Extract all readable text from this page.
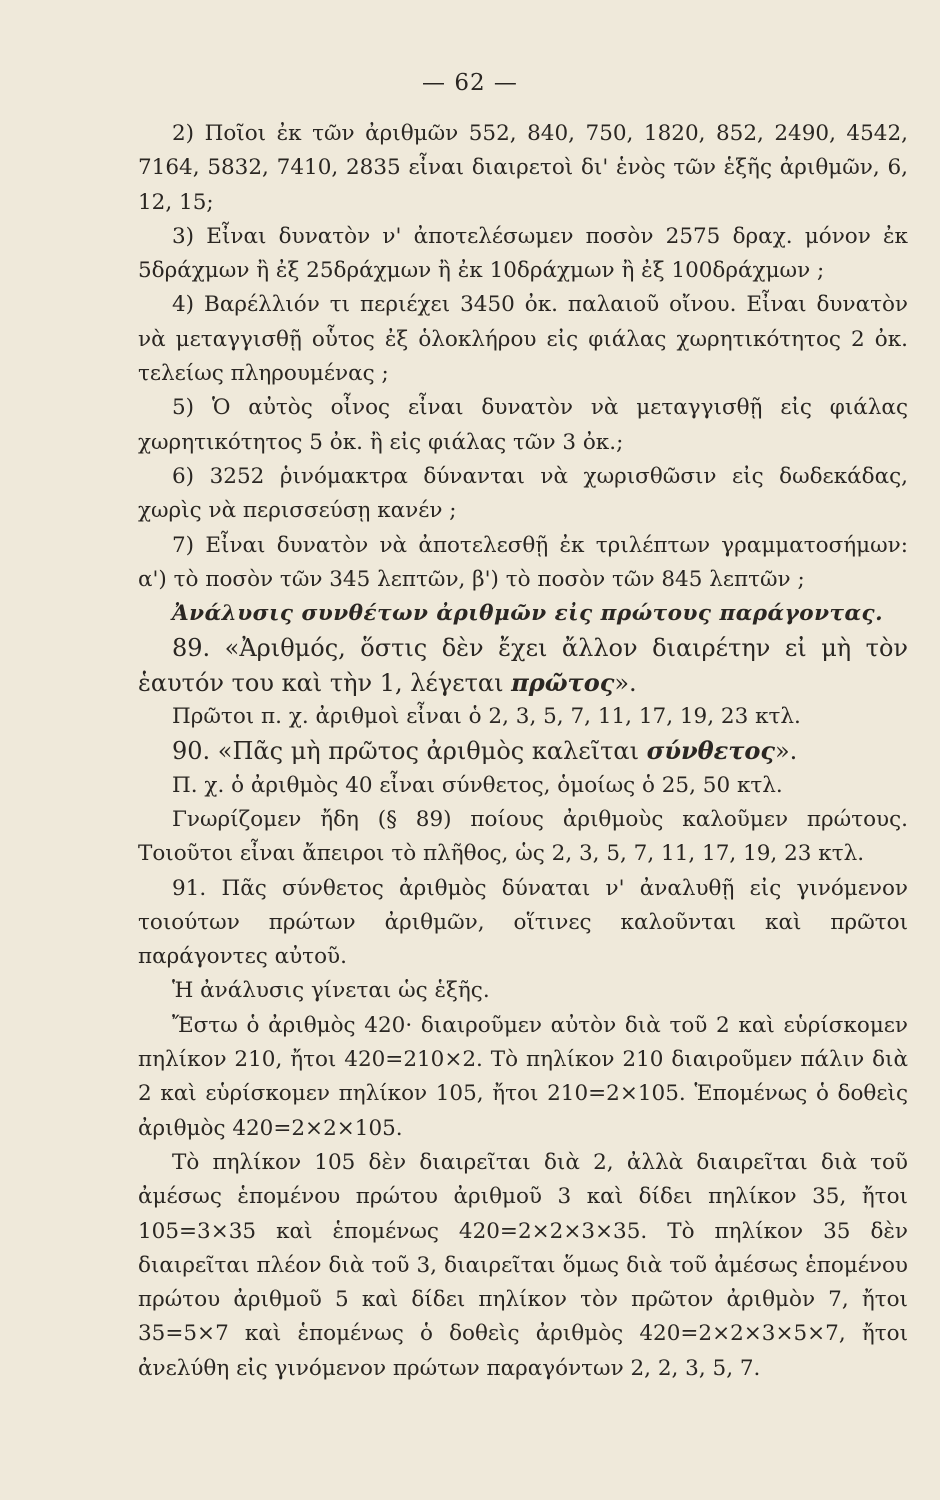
— 62 —

2) Ποῖοι ἐκ τῶν ἀριθμῶν 552, 840, 750, 1820, 852, 2490, 4542, 7164, 5832, 7410, 2835 εἶναι διαιρετοὶ δι' ἑνὸς τῶν ἑξῆς ἀριθμῶν, 6, 12, 15;

3) Εἶναι δυνατὸν ν' ἀποτελέσωμεν ποσὸν 2575 δραχ. μόνον ἐκ 5δράχμων ἢ ἐξ 25δράχμων ἢ ἐκ 10δράχμων ἢ ἐξ 100δράχμων ;

4) Βαρέλλιόν τι περιέχει 3450 ὀκ. παλαιοῦ οἴνου. Εἶναι δυνατὸν νὰ μεταγγισθῇ οὗτος ἐξ ὁλοκλήρου εἰς φιάλας χωρητικότητος 2 ὀκ. τελείως πληρουμένας ;

5) Ὁ αὐτὸς οἶνος εἶναι δυνατὸν νὰ μεταγγισθῇ εἰς φιάλας χωρητικότητος 5 ὀκ. ἢ εἰς φιάλας τῶν 3 ὀκ.;

6) 3252 ῥινόμακτρα δύνανται νὰ χωρισθῶσιν εἰς δωδεκάδας, χωρὶς νὰ περισσεύσῃ κανέν ;

7) Εἶναι δυνατὸν νὰ ἀποτελεσθῇ ἐκ τριλέπτων γραμματοσήμων: α') τὸ ποσὸν τῶν 345 λεπτῶν, β') τὸ ποσὸν τῶν 845 λεπτῶν ;

Ἀνάλυσις συνθέτων ἀριθμῶν εἰς πρώτους παράγοντας.

89. «Ἀριθμός, ὅστις δὲν ἔχει ἄλλον διαιρέτην εἰ μὴ τὸν ἑαυτόν του καὶ τὴν 1, λέγεται πρῶτος».

Πρῶτοι π. χ. ἀριθμοὶ εἶναι ὁ 2, 3, 5, 7, 11, 17, 19, 23 κτλ.

90. «Πᾶς μὴ πρῶτος ἀριθμὸς καλεῖται σύνθετος».

Π. χ. ὁ ἀριθμὸς 40 εἶναι σύνθετος, ὁμοίως ὁ 25, 50 κτλ.

Γνωρίζομεν ἤδη (§ 89) ποίους ἀριθμοὺς καλοῦμεν πρώτους. Τοιοῦτοι εἶναι ἄπειροι τὸ πλῆθος, ὡς 2, 3, 5, 7, 11, 17, 19, 23 κτλ.

91. Πᾶς σύνθετος ἀριθμὸς δύναται ν' ἀναλυθῇ εἰς γινόμενον τοιούτων πρώτων ἀριθμῶν, οἵτινες καλοῦνται καὶ πρῶτοι παράγοντες αὐτοῦ.

Ἡ ἀνάλυσις γίνεται ὡς ἑξῆς.

Ἔστω ὁ ἀριθμὸς 420· διαιροῦμεν αὐτὸν διὰ τοῦ 2 καὶ εὑρίσκομεν πηλίκον 210, ἤτοι 420=210×2. Τὸ πηλίκον 210 διαιροῦμεν πάλιν διὰ 2 καὶ εὑρίσκομεν πηλίκον 105, ἤτοι 210=2×105. Ἑπομένως ὁ δοθεὶς ἀριθμὸς 420=2×2×105.

Τὸ πηλίκον 105 δὲν διαιρεῖται διὰ 2, ἀλλὰ διαιρεῖται διὰ τοῦ ἀμέσως ἑπομένου πρώτου ἀριθμοῦ 3 καὶ δίδει πηλίκον 35, ἤτοι 105=3×35 καὶ ἑπομένως 420=2×2×3×35. Τὸ πηλίκον 35 δὲν διαιρεῖται πλέον διὰ τοῦ 3, διαιρεῖται ὅμως διὰ τοῦ ἀμέσως ἑπομένου πρώτου ἀριθμοῦ 5 καὶ δίδει πηλίκον τὸν πρῶτον ἀριθμὸν 7, ἤτοι 35=5×7 καὶ ἑπομένως ὁ δοθεὶς ἀριθμὸς 420=2×2×3×5×7, ἤτοι ἀνελύθη εἰς γινόμενον πρώτων παραγόντων 2, 2, 3, 5, 7.
